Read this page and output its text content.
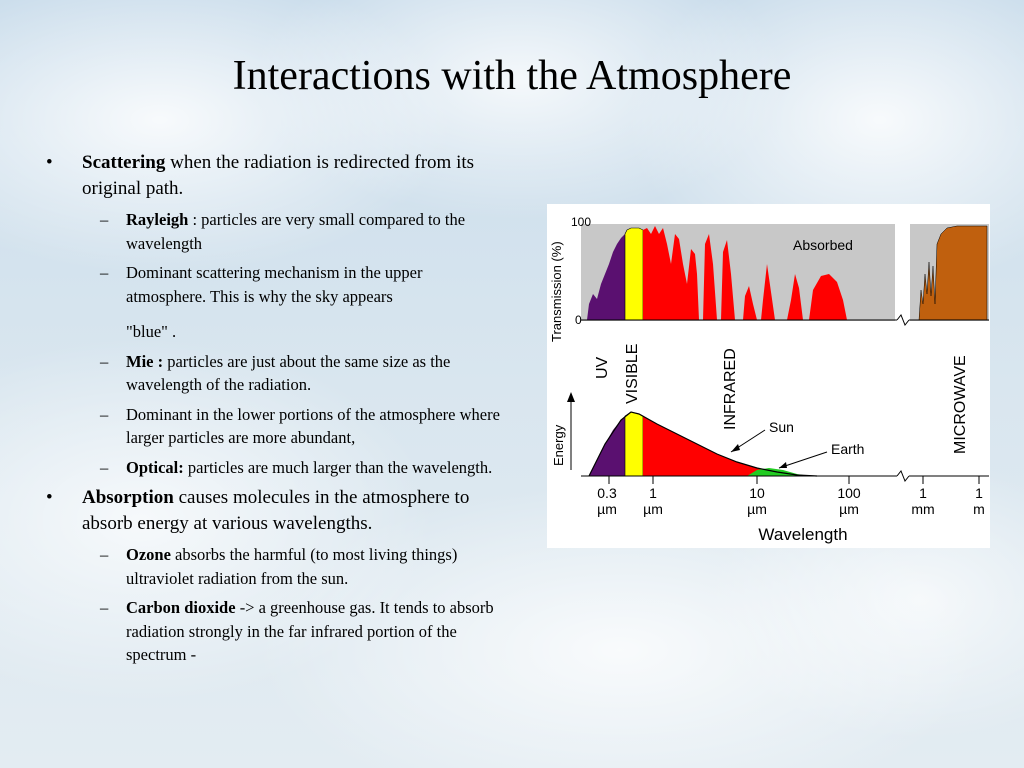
Interactions with the Atmosphere
• Scattering when the radiation is redirected from its original path.
– Rayleigh : particles are very small compared to the wavelength
– Dominant scattering mechanism in the upper atmosphere. This is why the sky appears
"blue" .
– Mie : particles are just about the same size as the wavelength of the radiation.
– Dominant in the lower portions of the atmosphere where larger particles are more abundant,
– Optical: particles are much larger than the wavelength.
• Absorption causes molecules in the atmosphere to absorb energy at various wavelengths.
– Ozone absorbs the harmful (to most living things) ultraviolet radiation from the sun.
– Carbon dioxide -> a greenhouse gas. It tends to absorb radiation strongly in the far infrared portion of the spectrum -
100
0
Transmission (%)	Absorbed
UV VISIBLE	INFRARED	MICROWAVE
Energy	Sun
Earth
0.3
µm
1
µm
10
µm
100
µm
1
mm
1
m
Wavelength
